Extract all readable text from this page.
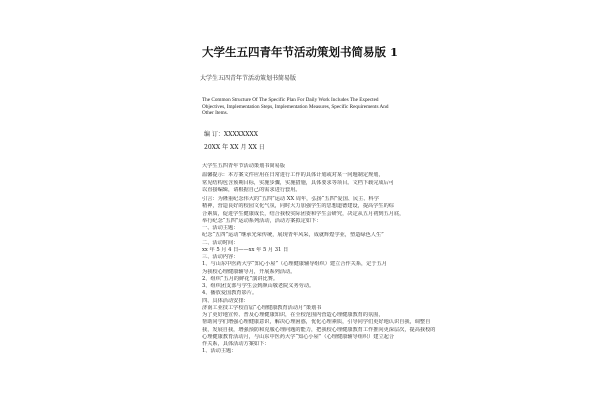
大学生五四青年节活动策划书简易版 1
大学生五四青年节活动策划书简易版
The Common Structure Of The Specific Plan For Daily Work Includes The Expected
Objectives, Implementation Steps, Implementation Measures, Specific Requirements And
Other Items.
编 订：XXXXXXXX
20XX 年 XX 月 XX 日
大学生五四青年节活动策划书简易版
温馨提示：本方案文件应用在日常进行工作的具体计划或对某一问题制定规划，
常见结构包含预期目标，实施步骤，实施措施，具体要求等项目。文档下载完成后可
以直接编辑，请根据自己的需求进行套用。
引言：为隆重纪念伟大的“五四”运动 XX 周年，弘扬“五四”爱国、民主、科学
精神，营造良好的校园文化气氛，同时大力加强学生的思想道德建设，提高学生的综
合素质，促进学生健康成长，结合我校实际团委和学生会研究，决定从五月初到五月底，
举行纪念“五四”运动系列活动，活动方案拟定如下：
一、活动主题：
纪念“五四”运动“继承光荣传统，展现青年风采，成就辉煌学业，塑造绿色人生”
二、活动时间：
xx 年 5 月 4 日——xx 年 5 月 31 日
三、活动内容：
1、与山东中医药大学“知心小屋”（心理健康辅导组织）建立合作关系，定于五月
为我校心理健康辅导月，开展系列活动。
2、组织“五月的鲜花”演讲比赛。
3、组织团支部与学生会到颜山敬老院义务劳动。
4、播放爱国教育影片。
四、具体活动安排：
济南工业技工学校首届“心理健康教育活动月”策划书
为了更好地宣传、普及心理健康知识，在全校范围内营造心理健康教育的氛围，
帮助同学们增强心理健康意识，解决心理困惑，优化心理素质，引导同学们更好地认识自我，调整自
我，发展自我，增强预防和克服心理问题的能力，把我校心理健康教育工作推向更深层次，提高我校的
心理健康教育活动月，与山东中医药大学“知心小屋”（心理健康辅导组织）建立起合
作关系，具体活动方案如下：
1、活动主题：
